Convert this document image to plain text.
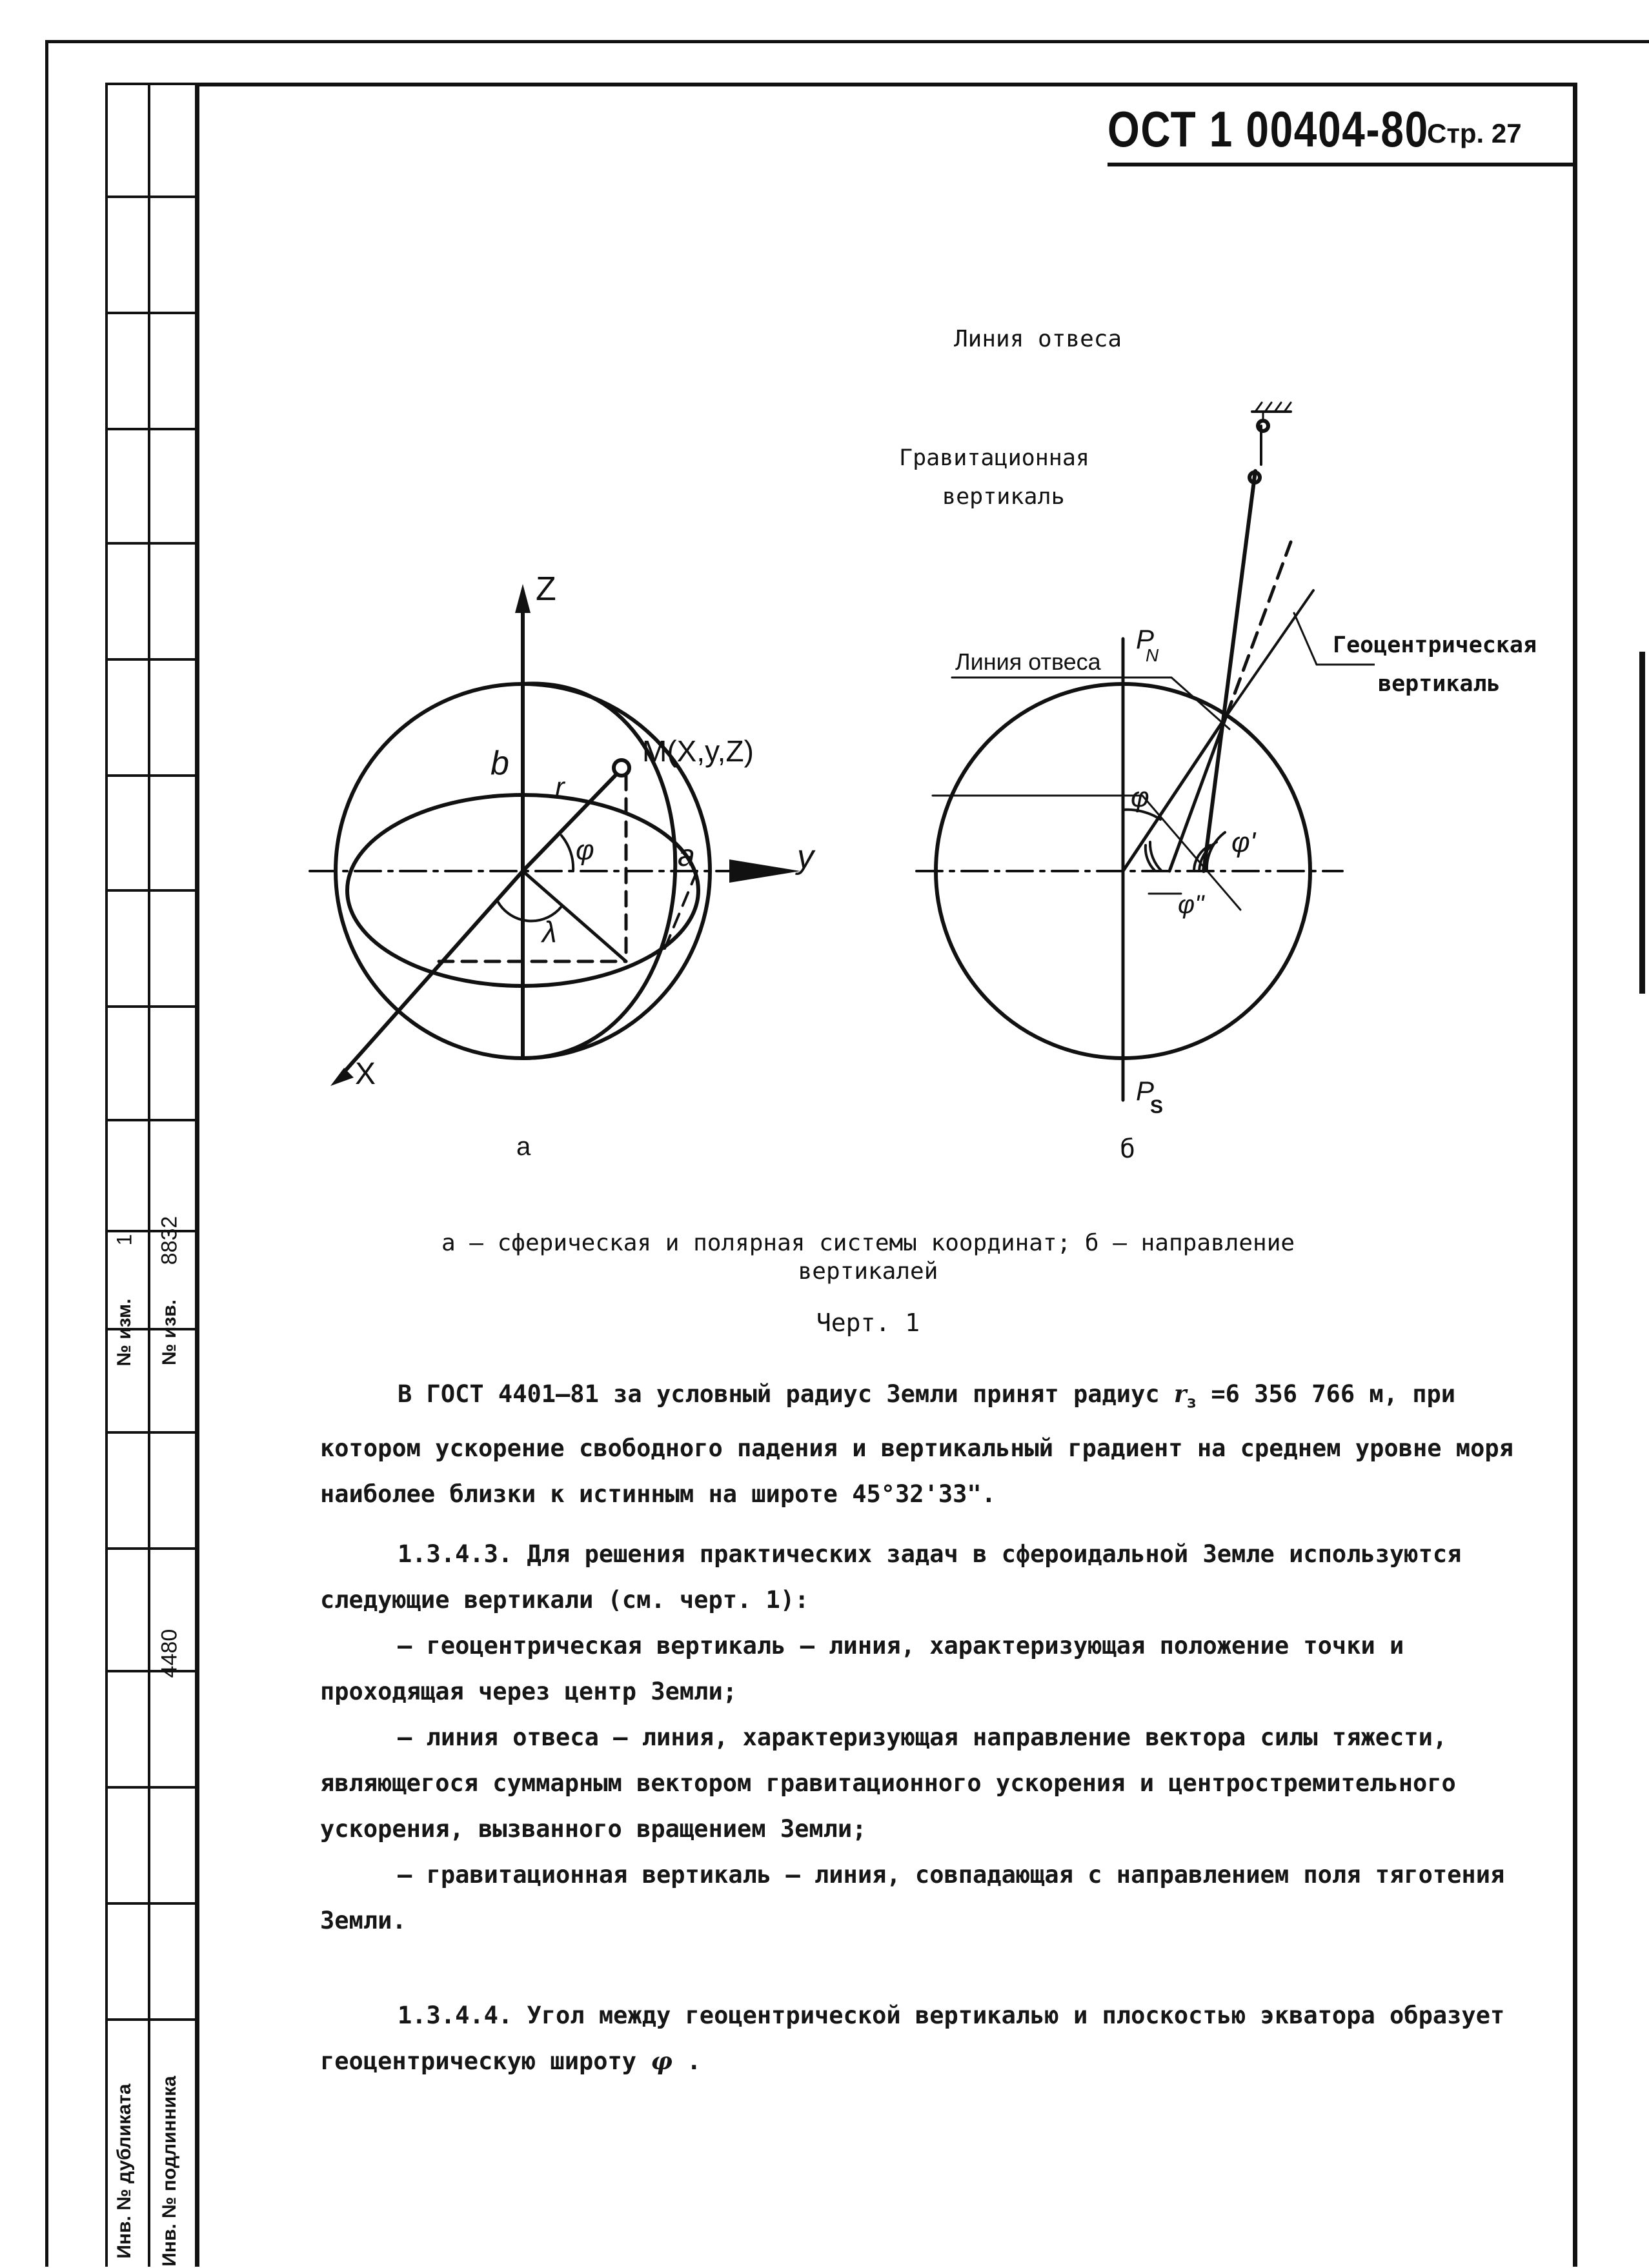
№ изм. № изв.
1 8832
4480
Инв. № дубликата Инв. № подлинника
ОСТ 1 00404-80
Стр. 27
Z
y
X
b
a
r
φ
λ
M(X,y,Z)
а
P
N
P
S
φ
φ'
φ"
Линия отвеса
Линия отвеса
Гравитационная
вертикаль
Геоцентрическая
вертикаль
б
а – сферическая и полярная системы координат; б – направление
вертикалей
Черт. 1
В ГОСТ 4401–81 за условный радиус Земли принят радиус $r_з =6$ 356 766 м, при котором ускорение свободного падения и вертикальный градиент на среднем уровне моря наиболее близки к истинным на широте 45°32'33".
1.3.4.3. Для решения практических задач в сфероидальной Земле используются следующие вертикали (см. черт. 1):
– геоцентрическая вертикаль – линия, характеризующая положение точки и проходящая через центр Земли;
– линия отвеса – линия, характеризующая направление вектора силы тяжести, являющегося суммарным вектором гравитационного ускорения и центростремительного ускорения, вызванного вращением Земли;
– гравитационная вертикаль – линия, совпадающая с направлением поля тяготения Земли.
1.3.4.4. Угол между геоцентрической вертикалью и плоскостью экватора образует геоцентрическую широту φ .
